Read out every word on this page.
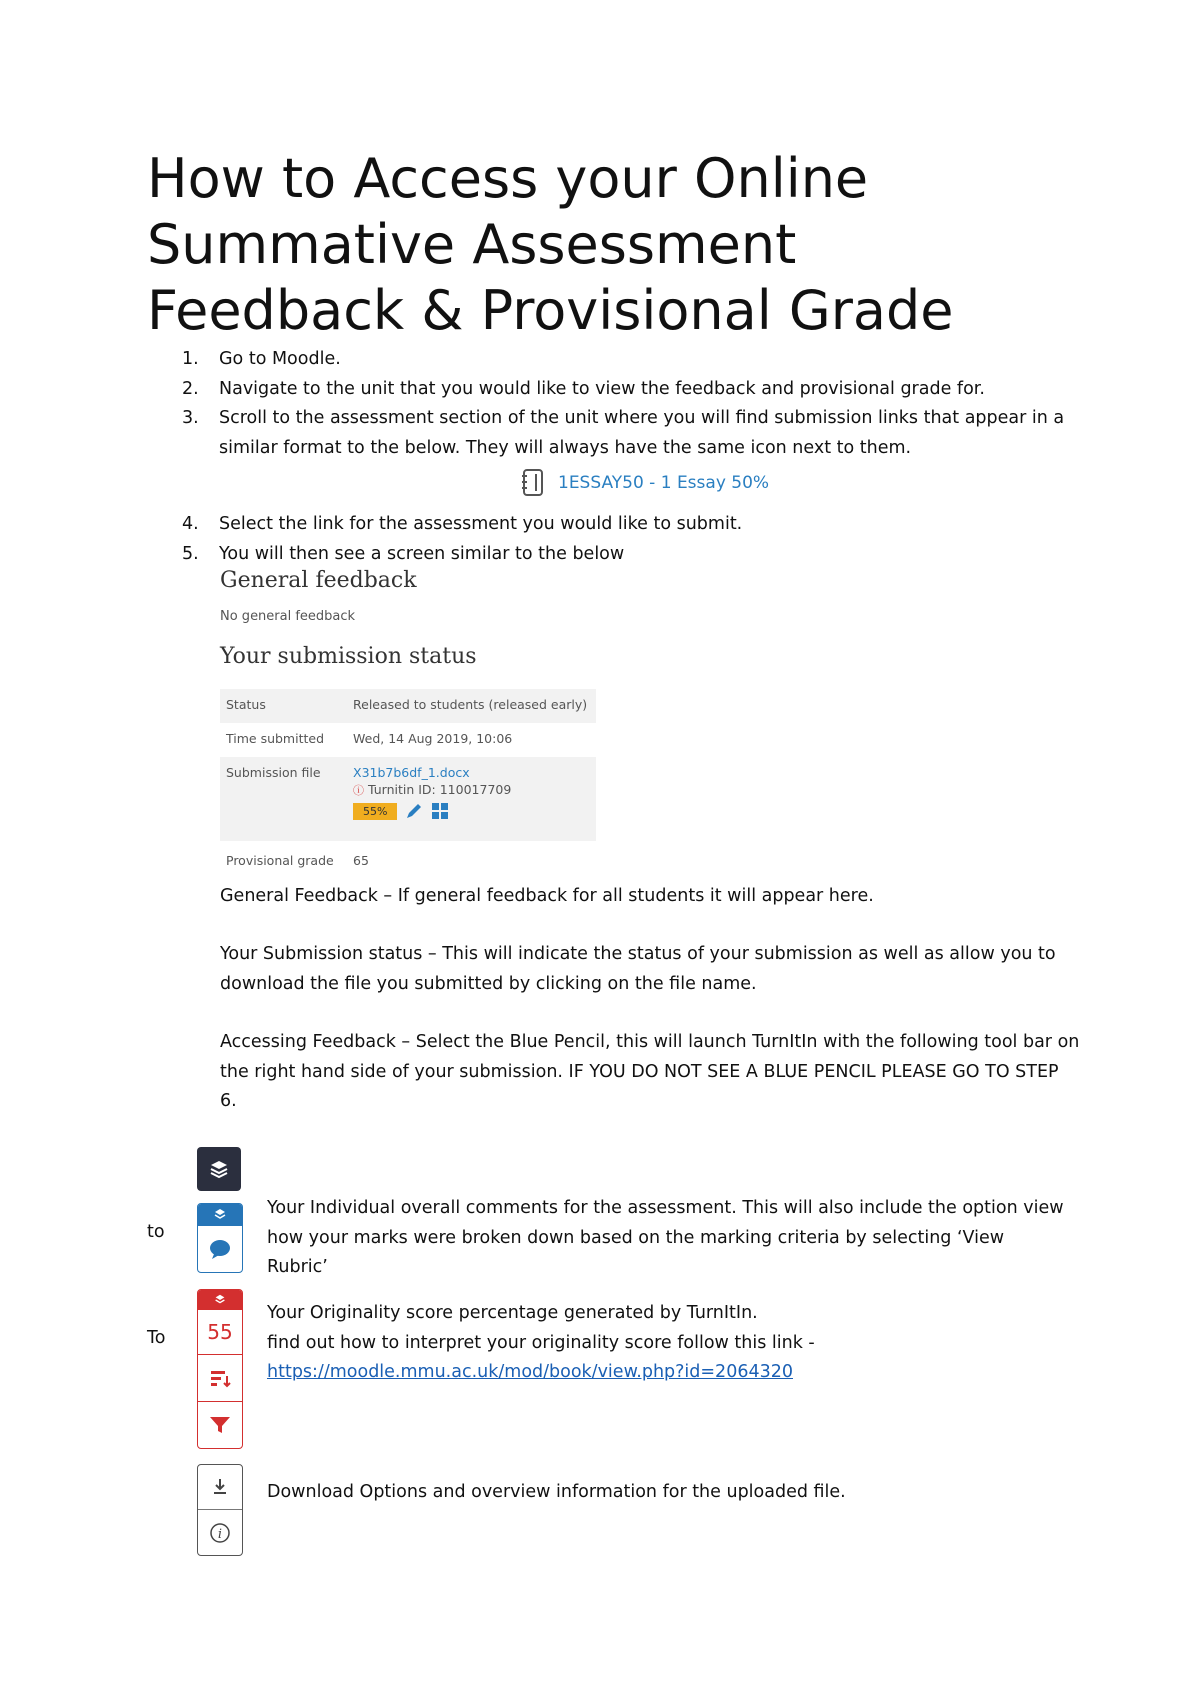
How to Access your Online
Summative Assessment
Feedback & Provisional Grade
1. Go to Moodle.
2. Navigate to the unit that you would like to view the feedback and provisional grade for.
3. Scroll to the assessment section of the unit where you will find submission links that appear in a similar format to the below. They will always have the same icon next to them.
1ESSAY50 - 1 Essay 50%
4. Select the link for the assessment you would like to submit.
5. You will then see a screen similar to the below
General feedback
No general feedback
Your submission status
Status	Released to students (released early)
Time submitted	Wed, 14 Aug 2019, 10:06
Submission file	X31b7b6df_1.docx
ⓘ Turnitin ID: 110017709
55%

Provisional grade	65
General Feedback – If general feedback for all students it will appear here.
Your Submission status – This will indicate the status of your submission as well as allow you to download the file you submitted by clicking on the file name.
Accessing Feedback – Select the Blue Pencil, this will launch TurnItIn with the following tool bar on the right hand side of your submission. IF YOU DO NOT SEE A BLUE PENCIL PLEASE GO TO STEP 6.
to
Your Individual overall comments for the assessment. This will also include the option view how your marks were broken down based on the marking criteria by selecting ‘View Rubric’
To	55
Your Originality score percentage generated by TurnItIn.
find out how to interpret your originality score follow this link -
https://moodle.mmu.ac.uk/mod/book/view.php?id=2064320
i
Download Options and overview information for the uploaded file.
